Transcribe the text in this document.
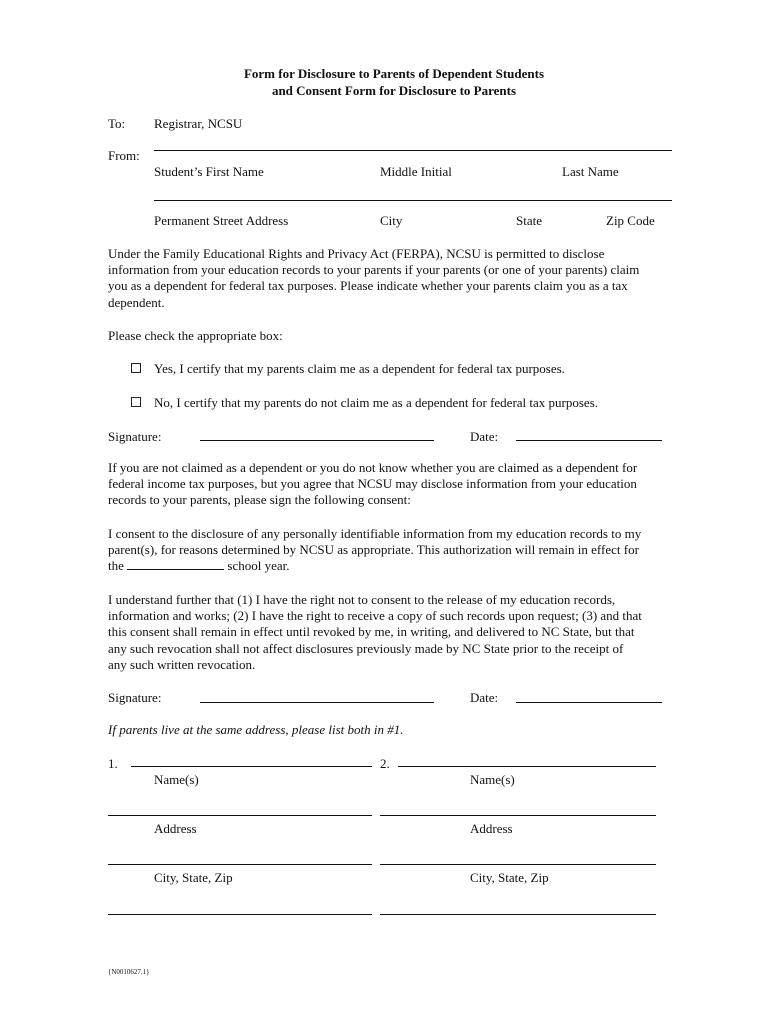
Form for Disclosure to Parents of Dependent Students
and Consent Form for Disclosure to Parents
To: Registrar, NCSU
From:
Student’s First Name	Middle Initial	Last Name
Permanent Street Address	City	State	Zip Code
Under the Family Educational Rights and Privacy Act (FERPA), NCSU is permitted to disclose
information from your education records to your parents if your parents (or one of your parents) claim
you as a dependent for federal tax purposes. Please indicate whether your parents claim you as a tax
dependent.
Please check the appropriate box:
Yes, I certify that my parents claim me as a dependent for federal tax purposes.
No, I certify that my parents do not claim me as a dependent for federal tax purposes.
Signature:	Date:
If you are not claimed as a dependent or you do not know whether you are claimed as a dependent for
federal income tax purposes, but you agree that NCSU may disclose information from your education
records to your parents, please sign the following consent:
I consent to the disclosure of any personally identifiable information from my education records to my
parent(s), for reasons determined by NCSU as appropriate. This authorization will remain in effect for
the	school year.
I understand further that (1) I have the right not to consent to the release of my education records,
information and works; (2) I have the right to receive a copy of such records upon request; (3) and that
this consent shall remain in effect until revoked by me, in writing, and delivered to NC State, but that
any such revocation shall not affect disclosures previously made by NC State prior to the receipt of
any such written revocation.
Signature:	Date:
If parents live at the same address, please list both in #1.
1.	2.
Name(s)	Name(s)
Address	Address
City, State, Zip	City, State, Zip
{N0010627.1}
